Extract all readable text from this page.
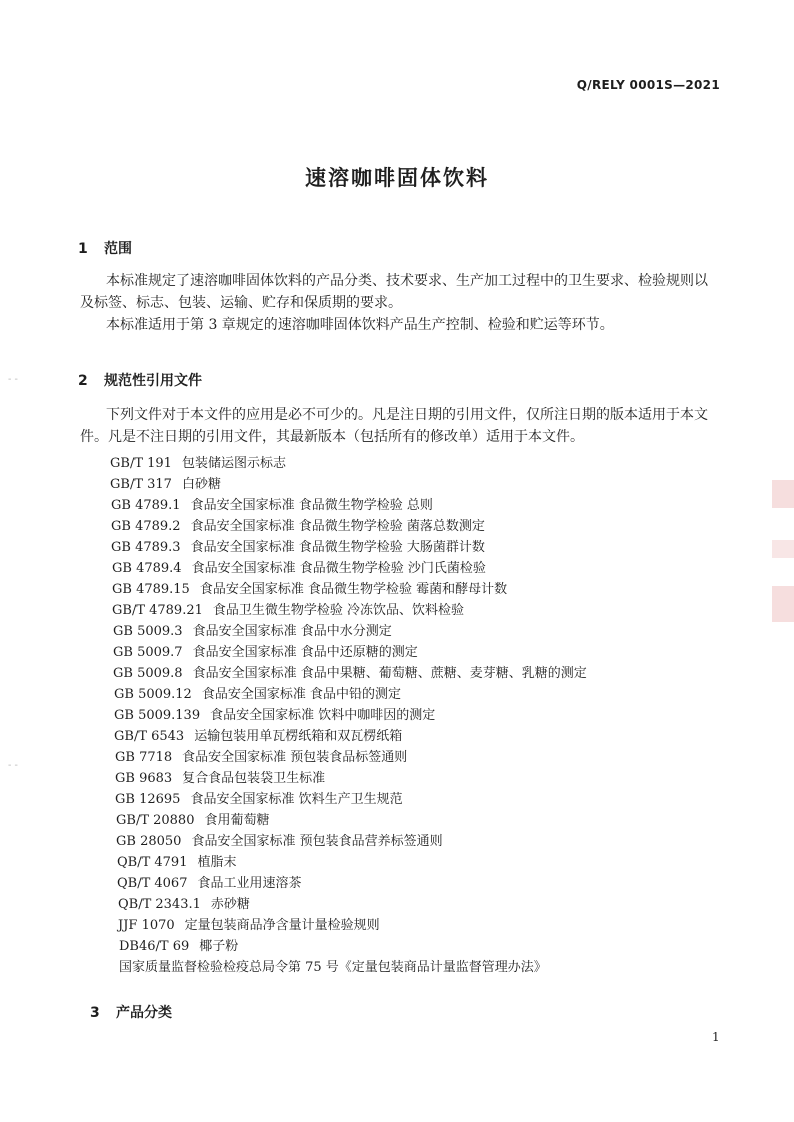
Q/RELY 0001S—2021
速溶咖啡固体饮料
1 范围
本标准规定了速溶咖啡固体饮料的产品分类、技术要求、生产加工过程中的卫生要求、检验规则以
及标签、标志、包装、运输、贮存和保质期的要求。
本标准适用于第 3 章规定的速溶咖啡固体饮料产品生产控制、检验和贮运等环节。
2 规范性引用文件
下列文件对于本文件的应用是必不可少的。凡是注日期的引用文件，仅所注日期的版本适用于本文
件。凡是不注日期的引用文件，其最新版本（包括所有的修改单）适用于本文件。
GB/T 191 包装储运图示标志
GB/T 317 白砂糖
GB 4789.1 食品安全国家标准 食品微生物学检验 总则
GB 4789.2 食品安全国家标准 食品微生物学检验 菌落总数测定
GB 4789.3 食品安全国家标准 食品微生物学检验 大肠菌群计数
GB 4789.4 食品安全国家标准 食品微生物学检验 沙门氏菌检验
GB 4789.15 食品安全国家标准 食品微生物学检验 霉菌和酵母计数
GB/T 4789.21 食品卫生微生物学检验 冷冻饮品、饮料检验
GB 5009.3 食品安全国家标准 食品中水分测定
GB 5009.7 食品安全国家标准 食品中还原糖的测定
GB 5009.8 食品安全国家标准 食品中果糖、葡萄糖、蔗糖、麦芽糖、乳糖的测定
GB 5009.12 食品安全国家标准 食品中铅的测定
GB 5009.139 食品安全国家标准 饮料中咖啡因的测定
GB/T 6543 运输包装用单瓦楞纸箱和双瓦楞纸箱
GB 7718 食品安全国家标准 预包装食品标签通则
GB 9683 复合食品包装袋卫生标准
GB 12695 食品安全国家标准 饮料生产卫生规范
GB/T 20880 食用葡萄糖
GB 28050 食品安全国家标准 预包装食品营养标签通则
QB/T 4791 植脂末
QB/T 4067 食品工业用速溶茶
QB/T 2343.1 赤砂糖
JJF 1070 定量包装商品净含量计量检验规则
DB46/T 69 椰子粉
国家质量监督检验检疫总局令第 75 号《定量包装商品计量监督管理办法》
3 产品分类
1
- -
- -
